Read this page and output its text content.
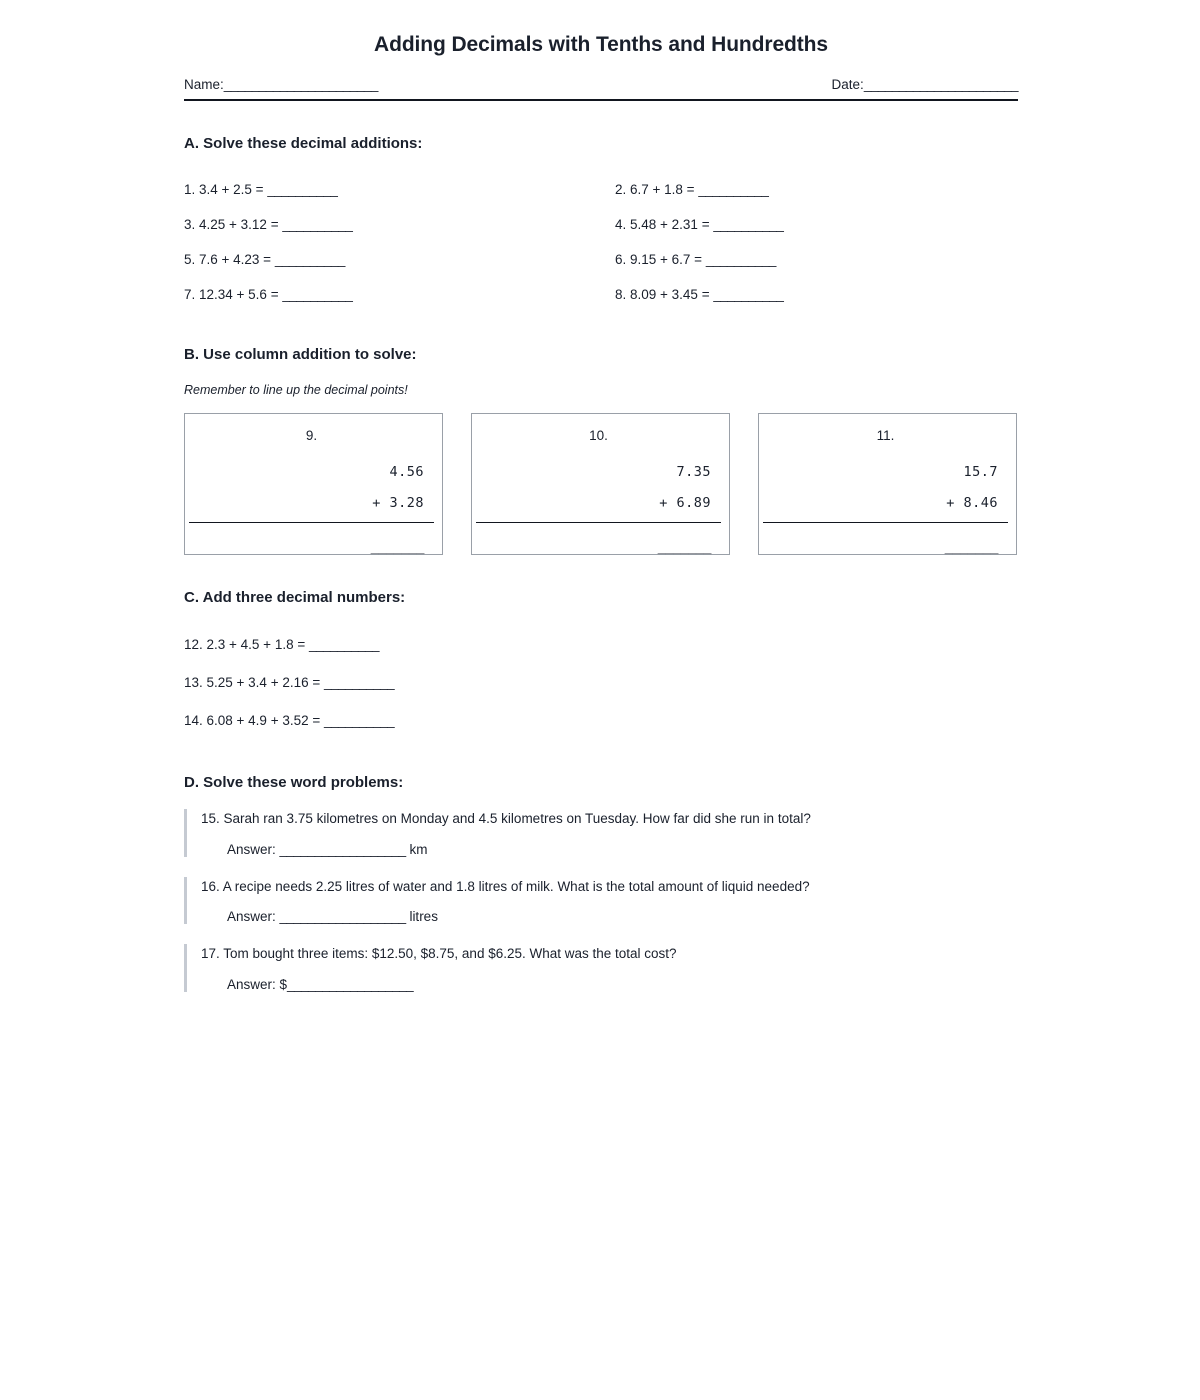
Adding Decimals with Tenths and Hundredths
Name:______________________	Date:______________________
A. Solve these decimal additions:
1. 3.4 + 2.5 = __________	2. 6.7 + 1.8 = __________
3. 4.25 + 3.12 = __________	4. 5.48 + 2.31 = __________
5. 7.6 + 4.23 = __________	6. 9.15 + 6.7 = __________
7. 12.34 + 5.6 = __________	8. 8.09 + 3.45 = __________
B. Use column addition to solve:
Remember to line up the decimal points!
9.
4.56
+ 3.28
_______
10.
7.35
+ 6.89
_______
11.
15.7
+ 8.46
_______
C. Add three decimal numbers:
12. 2.3 + 4.5 + 1.8 = __________
13. 5.25 + 3.4 + 2.16 = __________
14. 6.08 + 4.9 + 3.52 = __________
D. Solve these word problems:
15. Sarah ran 3.75 kilometres on Monday and 4.5 kilometres on Tuesday. How far did she run in total?
Answer: __________________ km
16. A recipe needs 2.25 litres of water and 1.8 litres of milk. What is the total amount of liquid needed?
Answer: __________________ litres
17. Tom bought three items: $12.50, $8.75, and $6.25. What was the total cost?
Answer: $__________________
